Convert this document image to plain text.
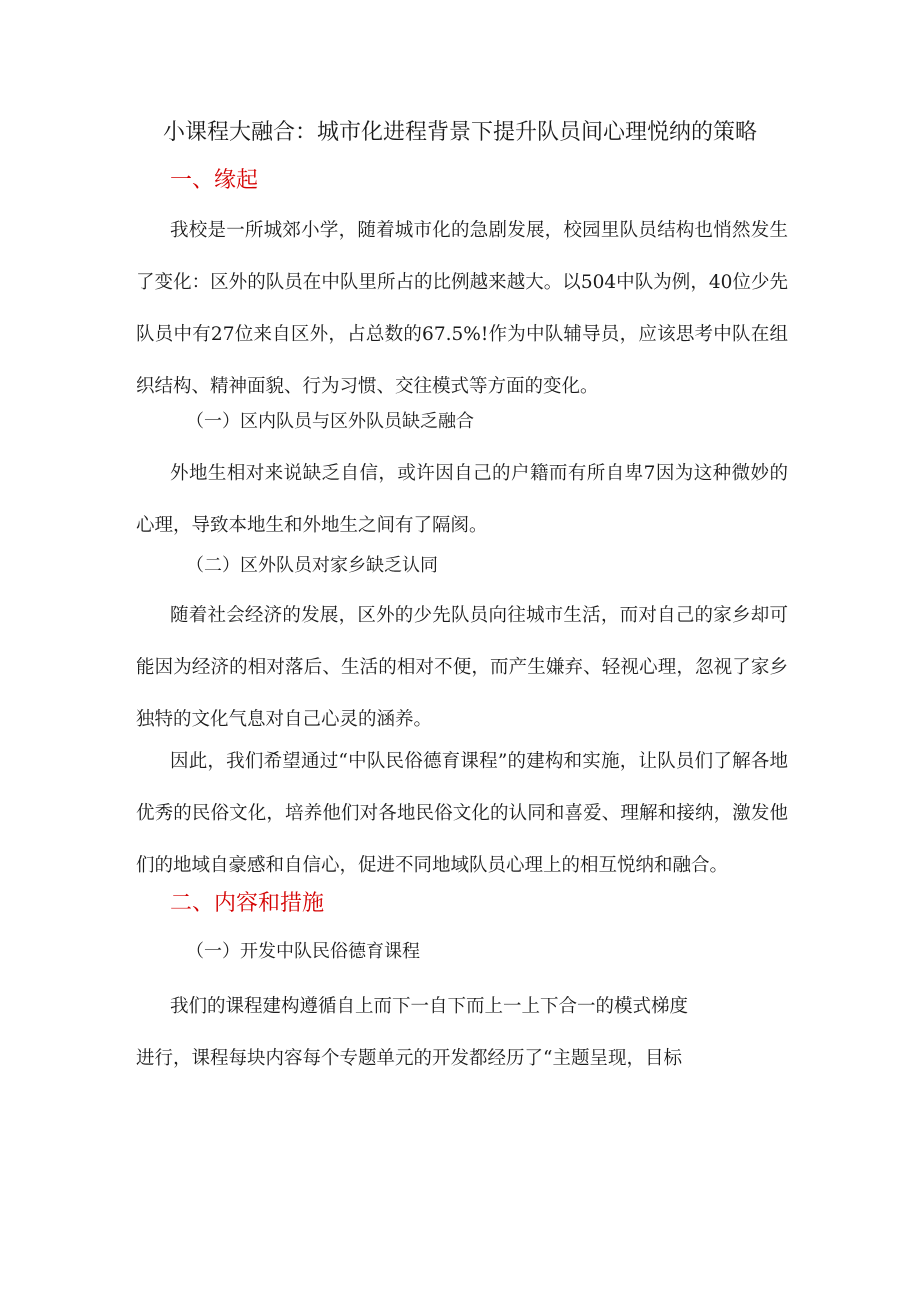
小课程大融合：城市化进程背景下提升队员间心理悦纳的策略
一、缘起
我校是一所城郊小学，随着城市化的急剧发展，校园里队员结构也悄然发生了变化：区外的队员在中队里所占的比例越来越大。以504中队为例，40位少先队员中有27位来自区外，占总数的67.5%!作为中队辅导员，应该思考中队在组织结构、精神面貌、行为习惯、交往模式等方面的变化。
（一）区内队员与区外队员缺乏融合
外地生相对来说缺乏自信，或许因自己的户籍而有所自卑7因为这种微妙的心理，导致本地生和外地生之间有了隔阂。
（二）区外队员对家乡缺乏认同
随着社会经济的发展，区外的少先队员向往城市生活，而对自己的家乡却可能因为经济的相对落后、生活的相对不便，而产生嫌弃、轻视心理，忽视了家乡独特的文化气息对自己心灵的涵养。
因此，我们希望通过“中队民俗德育课程”的建构和实施，让队员们了解各地优秀的民俗文化，培养他们对各地民俗文化的认同和喜爱、理解和接纳，激发他们的地域自豪感和自信心，促进不同地域队员心理上的相互悦纳和融合。
二、内容和措施
（一）开发中队民俗德育课程
我们的课程建构遵循自上而下一自下而上一上下合一的模式梯度
进行，课程每块内容每个专题单元的开发都经历了“主题呈现，目标
